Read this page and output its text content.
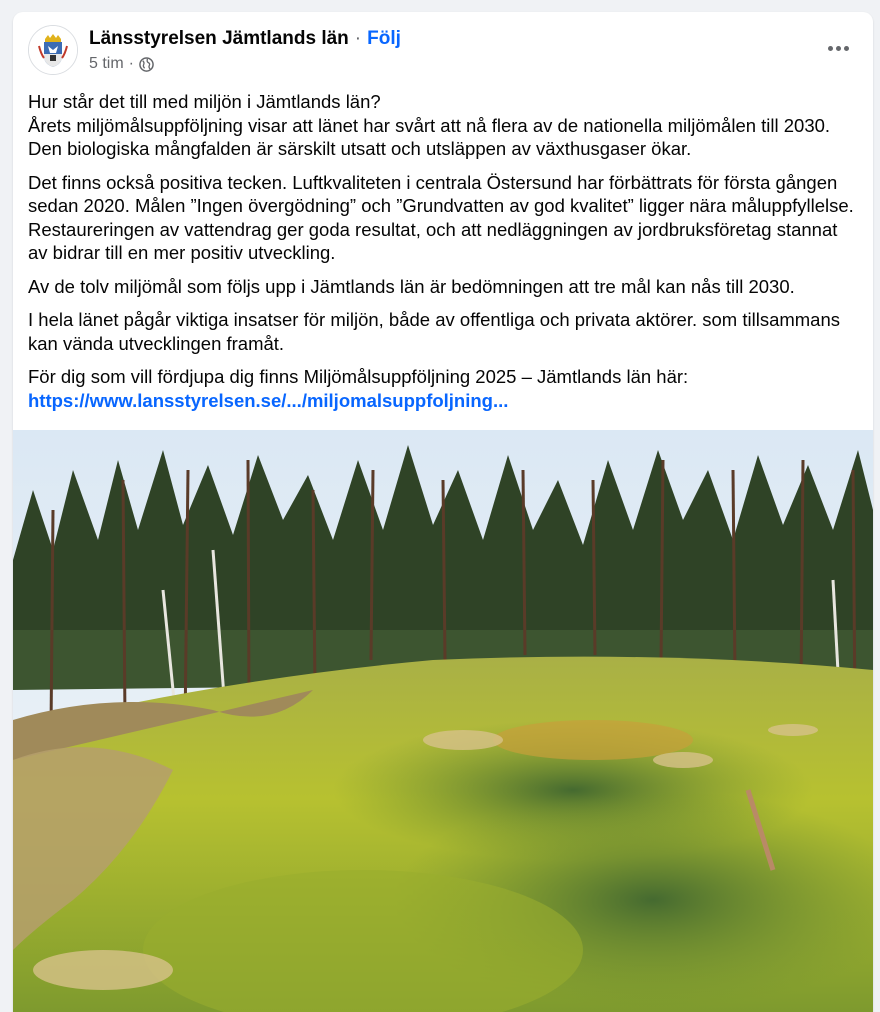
Länsstyrelsen Jämtlands län · Följ
5 tim ·

Hur står det till med miljön i Jämtlands län?
Årets miljömålsuppföljning visar att länet har svårt att nå flera av de nationella miljömålen till 2030. Den biologiska mångfalden är särskilt utsatt och utsläppen av växthusgaser ökar.

Det finns också positiva tecken. Luftkvaliteten i centrala Östersund har förbättrats för första gången sedan 2020. Målen ”Ingen övergödning” och ”Grundvatten av god kvalitet” ligger nära måluppfyllelse. Restaureringen av vattendrag ger goda resultat, och att nedläggningen av jordbruksföretag stannat av bidrar till en mer positiv utveckling.

Av de tolv miljömål som följs upp i Jämtlands län är bedömningen att tre mål kan nås till 2030.

I hela länet pågår viktiga insatser för miljön, både av offentliga och privata aktörer. som tillsammans kan vända utvecklingen framåt.

För dig som vill fördjupa dig finns Miljömålsuppföljning 2025 – Jämtlands län här:
https://www.lansstyrelsen.se/.../miljomalsuppfoljning...
